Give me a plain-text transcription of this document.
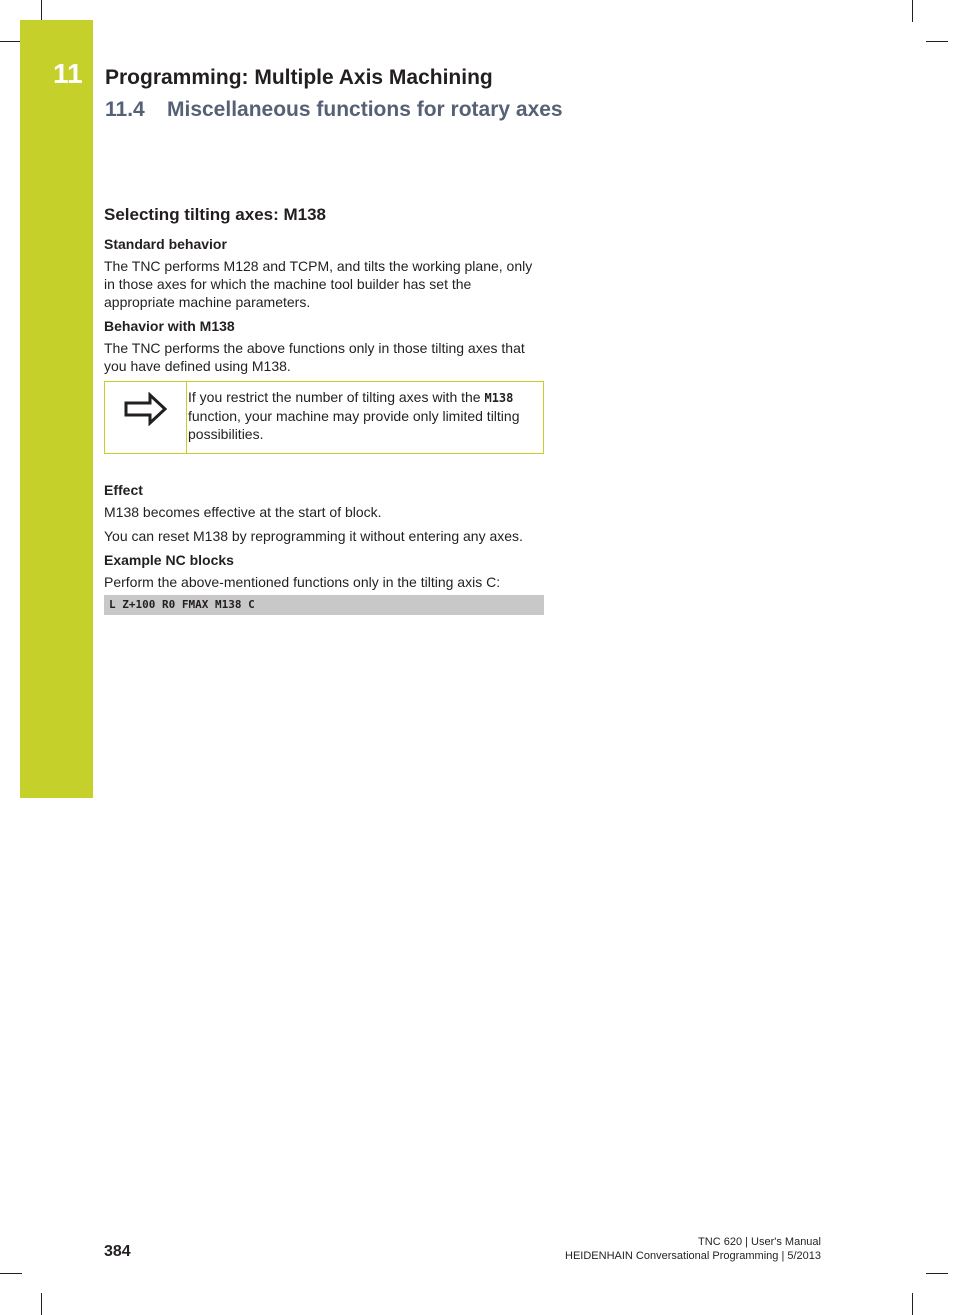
11 Programming: Multiple Axis Machining
11.4 Miscellaneous functions for rotary axes
Selecting tilting axes: M138
Standard behavior

The TNC performs M128 and TCPM, and tilts the working plane, only in those axes for which the machine tool builder has set the appropriate machine parameters.

Behavior with M138

The TNC performs the above functions only in those tilting axes that you have defined using M138.

If you restrict the number of tilting axes with the M138 function, your machine may provide only limited tilting possibilities.
Effect

M138 becomes effective at the start of block.

You can reset M138 by reprogramming it without entering any axes.

Example NC blocks

Perform the above-mentioned functions only in the tilting axis C:

L Z+100 R0 FMAX M138 C
384
TNC 620 | User's Manual
HEIDENHAIN Conversational Programming | 5/2013
